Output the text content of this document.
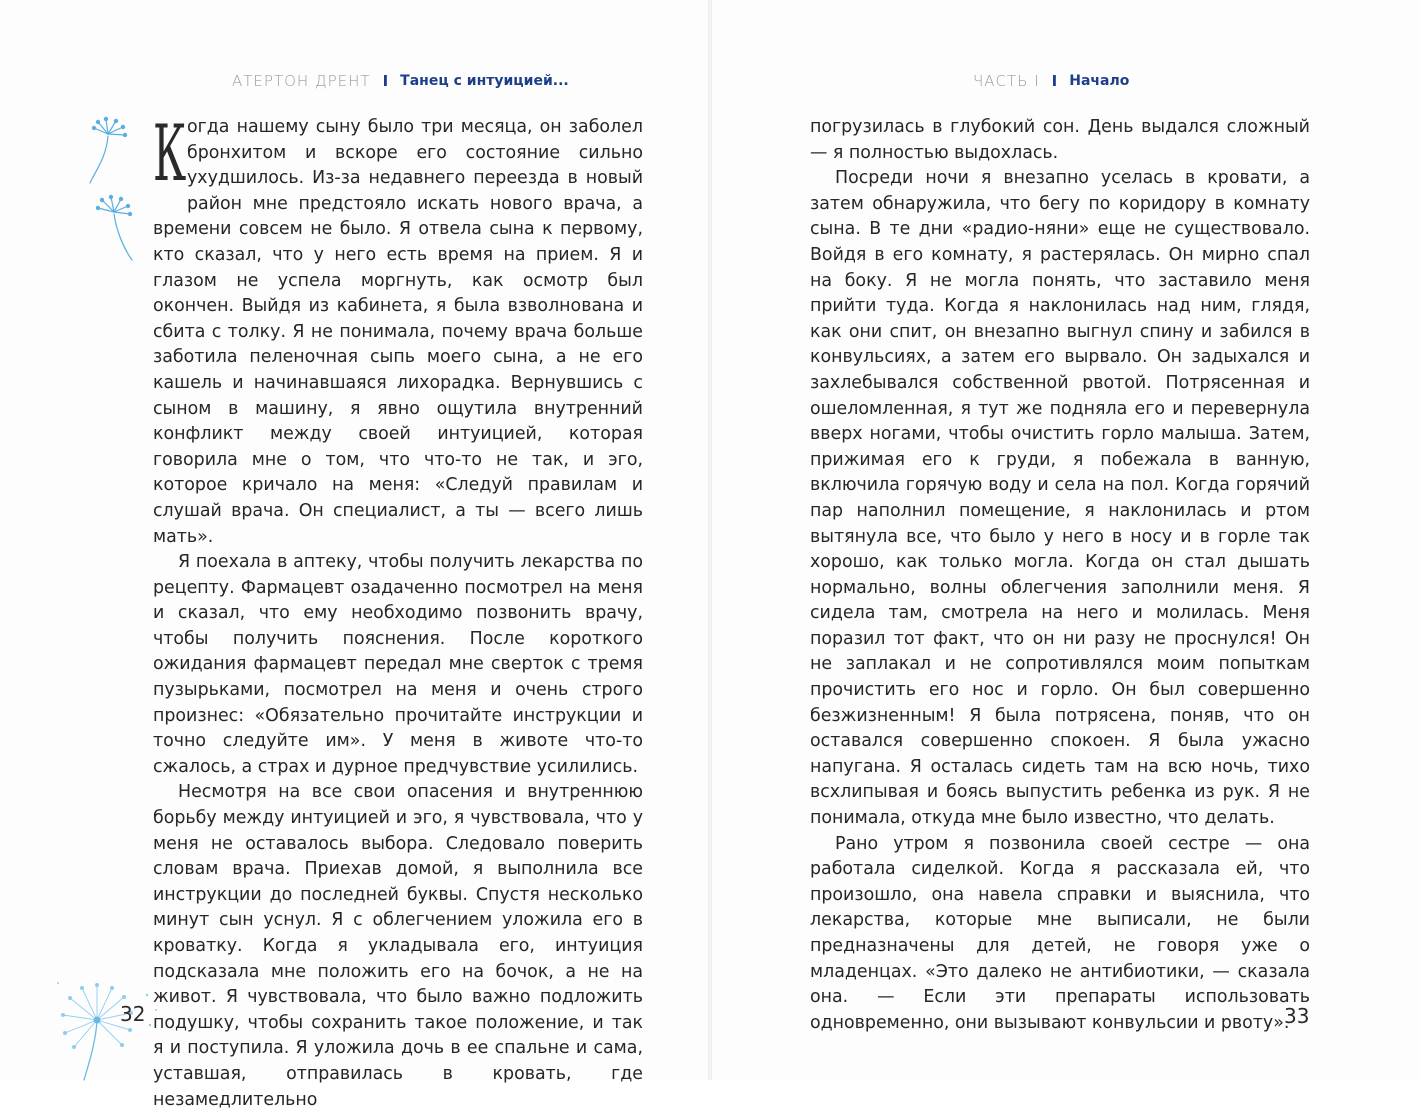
АТЕРТОН ДРЕНТ I Танец с интуицией...

Когда нашему сыну было три месяца, он заболел бронхитом и вскоре его состояние сильно ухудшилось. Из-за недавнего переезда в новый район мне предстояло искать нового врача, а времени совсем не было. Я отвела сына к первому, кто сказал, что у него есть время на прием. Я и глазом не успела моргнуть, как осмотр был окончен. Выйдя из кабинета, я была взволнована и сбита с толку. Я не понимала, почему врача больше заботила пеленочная сыпь моего сына, а не его кашель и начинавшаяся лихорадка. Вернувшись с сыном в машину, я явно ощутила внутренний конфликт между своей интуицией, которая говорила мне о том, что что-то не так, и эго, которое кричало на меня: «Следуй правилам и слушай врача. Он специалист, а ты — всего лишь мать».

Я поехала в аптеку, чтобы получить лекарства по рецепту. Фармацевт озадаченно посмотрел на меня и сказал, что ему необходимо позвонить врачу, чтобы получить пояснения. После короткого ожидания фармацевт передал мне сверток с тремя пузырьками, посмотрел на меня и очень строго произнес: «Обязательно прочитайте инструкции и точно следуйте им». У меня в животе что-то сжалось, а страх и дурное предчувствие усилились.

Несмотря на все свои опасения и внутреннюю борьбу между интуицией и эго, я чувствовала, что у меня не оставалось выбора. Следовало поверить словам врача. Приехав домой, я выполнила все инструкции до последней буквы. Спустя несколько минут сын уснул. Я с облегчением уложила его в кроватку. Когда я укладывала его, интуиция подсказала мне положить его на бочок, а не на живот. Я чувствовала, что было важно подложить подушку, чтобы сохранить такое положение, и так я и поступила. Я уложила дочь в ее спальне и сама, уставшая, отправилась в кровать, где незамедлительно

32
ЧАСТЬ I I Начало

погрузилась в глубокий сон. День выдался сложный — я полностью выдохлась.

Посреди ночи я внезапно уселась в кровати, а затем обнаружила, что бегу по коридору в комнату сына. В те дни «радио-няни» еще не существовало. Войдя в его комнату, я растерялась. Он мирно спал на боку. Я не могла понять, что заставило меня прийти туда. Когда я наклонилась над ним, глядя, как они спит, он внезапно выгнул спину и забился в конвульсиях, а затем его вырвало. Он задыхался и захлебывался собственной рвотой. Потрясенная и ошеломленная, я тут же подняла его и перевернула вверх ногами, чтобы очистить горло малыша. Затем, прижимая его к груди, я побежала в ванную, включила горячую воду и села на пол. Когда горячий пар наполнил помещение, я наклонилась и ртом вытянула все, что было у него в носу и в горле так хорошо, как только могла. Когда он стал дышать нормально, волны облегчения заполнили меня. Я сидела там, смотрела на него и молилась. Меня поразил тот факт, что он ни разу не проснулся! Он не заплакал и не сопротивлялся моим попыткам прочистить его нос и горло. Он был совершенно безжизненным! Я была потрясена, поняв, что он оставался совершенно спокоен. Я была ужасно напугана. Я осталась сидеть там на всю ночь, тихо всхлипывая и боясь выпустить ребенка из рук. Я не понимала, откуда мне было известно, что делать.

Рано утром я позвонила своей сестре — она работала сиделкой. Когда я рассказала ей, что произошло, она навела справки и выяснила, что лекарства, которые мне выписали, не были предназначены для детей, не говоря уже о младенцах. «Это далеко не антибиотики, — сказала она. — Если эти препараты использовать одновременно, они вызывают конвульсии и рвоту».

33
